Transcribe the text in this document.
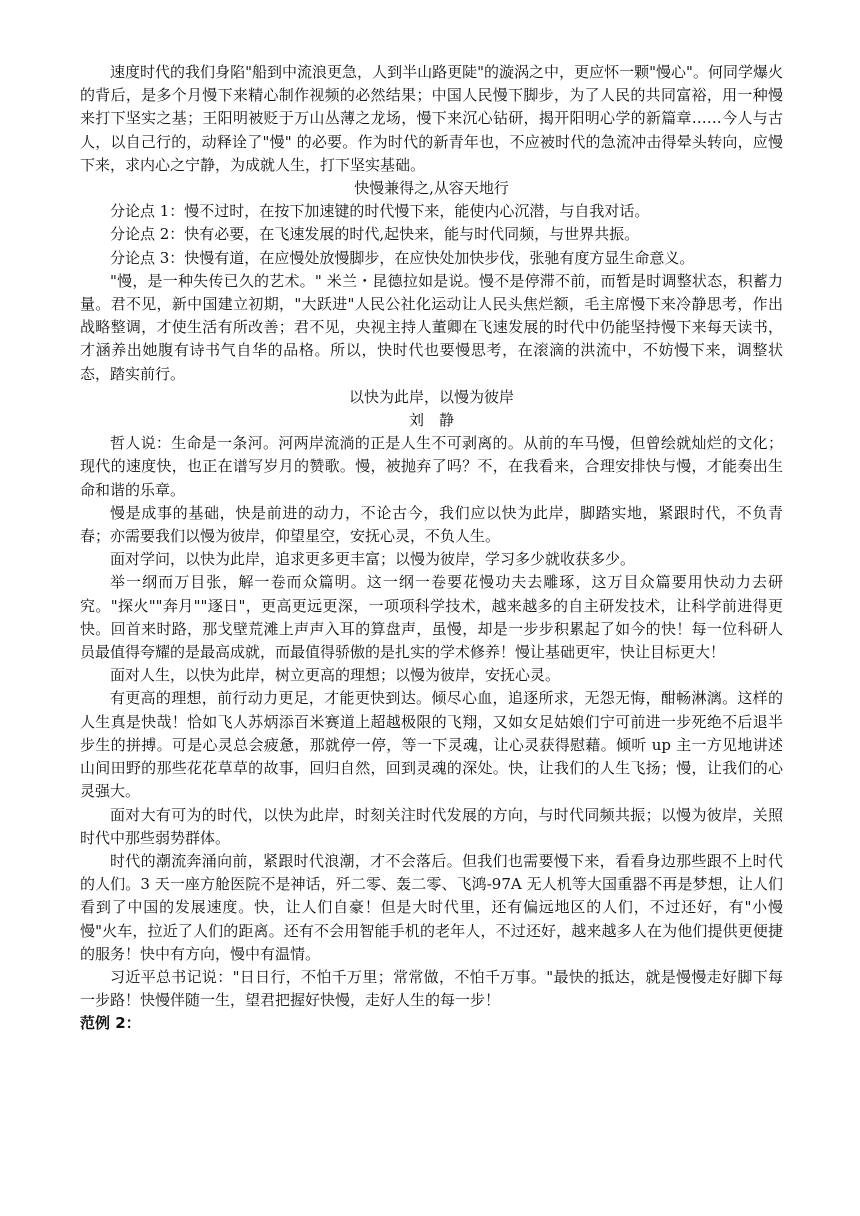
速度时代的我们身陷"船到中流浪更急，人到半山路更陡"的漩涡之中，更应怀一颗"慢心"。何同学爆火的背后，是多个月慢下来精心制作视频的必然结果；中国人民慢下脚步，为了人民的共同富裕，用一种慢来打下坚实之基；王阳明被贬于万山丛薄之龙场，慢下来沉心钻研，揭开阳明心学的新篇章……今人与古人，以自己行的，动释诠了"慢" 的必要。作为时代的新青年也，不应被时代的急流冲击得晕头转向，应慢下来，求内心之宁静，为成就人生，打下坚实基础。

快慢兼得之,从容天地行

分论点 1：慢不过时，在按下加速键的时代慢下来，能使内心沉潜，与自我对话。

分论点 2：快有必要，在飞速发展的时代,起快来，能与时代同频，与世界共振。

分论点 3：快慢有道，在应慢处放慢脚步，在应快处加快步伐，张驰有度方显生命意义。

"慢，是一种失传已久的艺术。" 米兰・昆德拉如是说。慢不是停滞不前，而暂是时调整状态，积蓄力量。君不见，新中国建立初期，"大跃进"人民公社化运动让人民头焦烂额，毛主席慢下来冷静思考，作出战略整调，才使生活有所改善；君不见，央视主持人董卿在飞速发展的时代中仍能坚持慢下来每天读书，才涵养出她腹有诗书气自华的品格。所以，快时代也要慢思考，在滚滴的洪流中，不妨慢下来，调整状态，踏实前行。

以快为此岸，以慢为彼岸

刘静

哲人说：生命是一条河。河两岸流淌的正是人生不可剥离的。从前的车马慢，但曾绘就灿烂的文化；现代的速度快，也正在谱写岁月的赞歌。慢，被抛弃了吗？不，在我看来，合理安排快与慢，才能奏出生命和谐的乐章。

慢是成事的基础，快是前进的动力，不论古今，我们应以快为此岸，脚踏实地，紧跟时代，不负青春；亦需要我们以慢为彼岸，仰望星空，安抚心灵，不负人生。

面对学问，以快为此岸，追求更多更丰富；以慢为彼岸，学习多少就收获多少。

举一纲而万目张，解一卷而众篇明。这一纲一卷要花慢功夫去雕琢，这万目众篇要用快动力去研究。"探火""奔月""逐日"，更高更远更深，一项项科学技术，越来越多的自主研发技术，让科学前进得更快。回首来时路，那戈壁荒滩上声声入耳的算盘声，虽慢，却是一步步积累起了如今的快！每一位科研人员最值得夸耀的是最高成就，而最值得骄傲的是扎实的学术修养！慢让基础更牢，快让目标更大！

面对人生，以快为此岸，树立更高的理想；以慢为彼岸，安抚心灵。

有更高的理想，前行动力更足，才能更快到达。倾尽心血，追逐所求，无怨无悔，酣畅淋漓。这样的人生真是快哉！恰如飞人苏炳添百米赛道上超越极限的飞翔，又如女足姑娘们宁可前进一步死绝不后退半步生的拼搏。可是心灵总会疲惫，那就停一停，等一下灵魂，让心灵获得慰藉。倾听 up 主一方见地讲述山间田野的那些花花草草的故事，回归自然，回到灵魂的深处。快，让我们的人生飞扬；慢，让我们的心灵强大。

面对大有可为的时代，以快为此岸，时刻关注时代发展的方向，与时代同频共振；以慢为彼岸，关照时代中那些弱势群体。

时代的潮流奔涌向前，紧跟时代浪潮，才不会落后。但我们也需要慢下来，看看身边那些跟不上时代的人们。3 天一座方舱医院不是神话，歼二零、轰二零、飞鸿-97A 无人机等大国重器不再是梦想，让人们看到了中国的发展速度。快，让人们自豪！但是大时代里，还有偏远地区的人们，不过还好，有"小慢慢"火车，拉近了人们的距离。还有不会用智能手机的老年人，不过还好，越来越多人在为他们提供更便捷的服务！快中有方向，慢中有温情。

习近平总书记说："日日行，不怕千万里；常常做，不怕千万事。"最快的抵达，就是慢慢走好脚下每一步路！快慢伴随一生，望君把握好快慢，走好人生的每一步！

范例 2：
